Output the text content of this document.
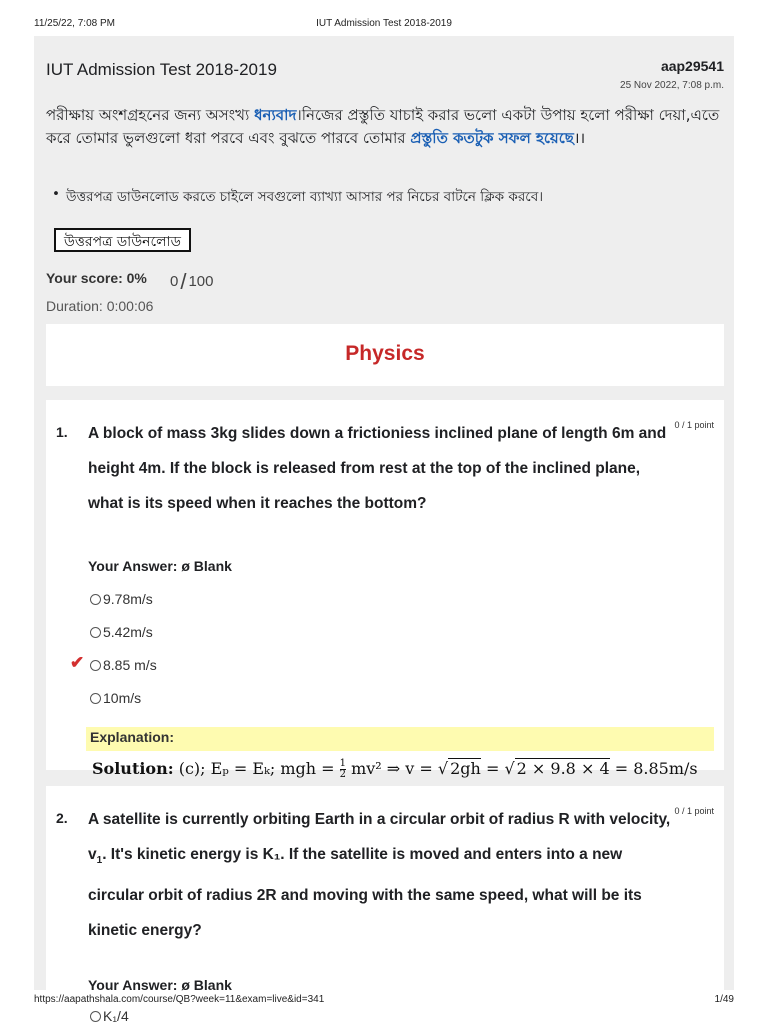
11/25/22, 7:08 PM	IUT Admission Test 2018-2019
IUT Admission Test 2018-2019	aap29541
25 Nov 2022, 7:08 p.m.
পরীক্ষায় অংশগ্রহনের জন্য অসংখ্য ধন্যবাদ।নিজের প্রস্তুতি যাচাই করার ভলো একটা উপায় হলো পরীক্ষা দেয়া,এতে করে তোমার ভুলগুলো ধরা পরবে এবং বুঝতে পারবে তোমার প্রস্তুতি কতটুক সফল হয়েছে।।
• উত্তরপত্র ডাউনলোড করতে চাইলে সবগুলো ব্যাখ্যা আসার পর নিচের বাটনে ক্লিক করবে।
উত্তরপত্র ডাউনলোড
Your score: 0% 0/ 100
Duration: 0:00:06
Physics
1.	0 / 1 point
A block of mass 3kg slides down a frictioniess inclined plane of length 6m and height 4m. If the block is released from rest at the top of the inclined plane, what is its speed when it reaches the bottom?
Your Answer: ø Blank
9.78m/s
5.42m/s
✔	8.85 m/s
10m/s
Explanation:
Solution: (c); Eₚ = Eₖ; mgh = $\frac{1}{2} mv^2$ ⇒ v = √ 2gh = √ 2 × 9.8 × 4 = 8.85m/s
2.	0 / 1 point
A satellite is currently orbiting Earth in a circular orbit of radius R with velocity, $v_1$. It's kinetic energy is K₁. If the satellite is moved and enters into a new circular orbit of radius 2R and moving with the same speed, what will be its kinetic energy?
Your Answer: ø Blank
K₁/4
https://aapathshala.com/course/QB?week=11&exam=live&id=341	1/49
